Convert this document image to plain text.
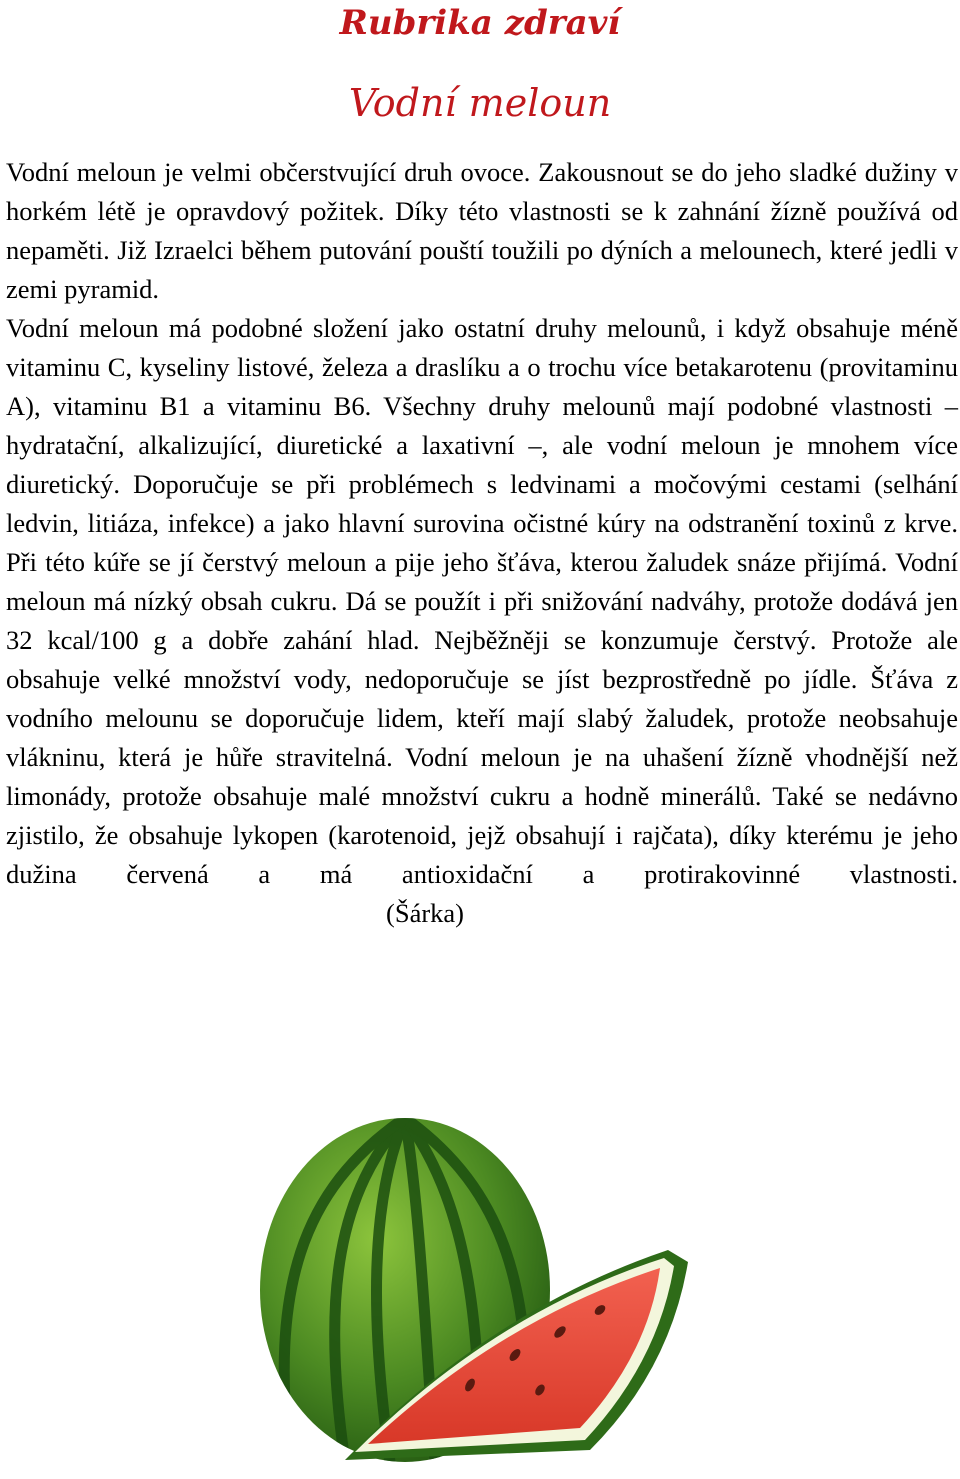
Rubrika zdraví
Vodní meloun

Vodní meloun je velmi občerstvující druh ovoce. Zakousnout se do jeho sladké dužiny v horkém létě je opravdový požitek. Díky této vlastnosti se k zahnání žízně používá od nepaměti. Již Izraelci během putování pouští toužili po dýních a melounech, které jedli v zemi pyramid.

Vodní meloun má podobné složení jako ostatní druhy melounů, i když obsahuje méně vitaminu C, kyseliny listové, železa a draslíku a o trochu více betakarotenu (provitaminu A), vitaminu B1 a vitaminu B6. Všechny druhy melounů mají podobné vlastnosti – hydratační, alkalizující, diuretické a laxativní –, ale vodní meloun je mnohem více diuretický. Doporučuje se při problémech s ledvinami a močovými cestami (selhání ledvin, litiáza, infekce) a jako hlavní surovina očistné kúry na odstranění toxinů z krve. Při této kúře se jí čerstvý meloun a pije jeho šťáva, kterou žaludek snáze přijímá. Vodní meloun má nízký obsah cukru. Dá se použít i při snižování nadváhy, protože dodává jen 32 kcal/100 g a dobře zahání hlad. Nejběžněji se konzumuje čerstvý. Protože ale obsahuje velké množství vody, nedoporučuje se jíst bezprostředně po jídle. Šťáva z vodního melounu se doporučuje lidem, kteří mají slabý žaludek, protože neobsahuje vlákninu, která je hůře stravitelná. Vodní meloun je na uhašení žízně vhodnější než limonády, protože obsahuje malé množství cukru a hodně minerálů. Také se nedávno zjistilo, že obsahuje lykopen (karotenoid, jejž obsahují i rajčata), díky kterému je jeho dužina červená a má antioxidační a protirakovinné vlastnosti.(Šárka)
